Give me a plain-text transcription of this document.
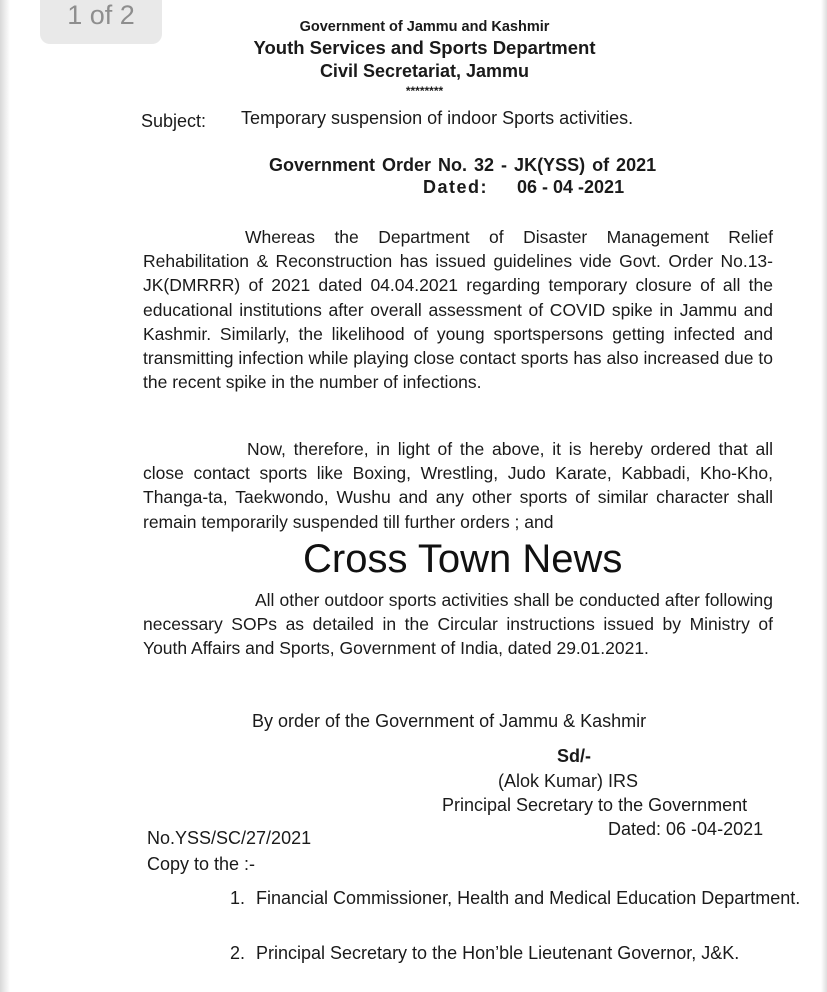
Government of Jammu and Kashmir
Youth Services and Sports Department
Civil Secretariat, Jammu
********
Subject: Temporary suspension of indoor Sports activities.
Government Order No. 32 - JK(YSS) of 2021
Dated: 06 - 04 -2021

Whereas the Department of Disaster Management Relief Rehabilitation & Reconstruction has issued guidelines vide Govt. Order No.13-JK(DMRRR) of 2021 dated 04.04.2021 regarding temporary closure of all the educational institutions after overall assessment of COVID spike in Jammu and Kashmir. Similarly, the likelihood of young sportspersons getting infected and transmitting infection while playing close contact sports has also increased due to the recent spike in the number of infections.

Now, therefore, in light of the above, it is hereby ordered that all close contact sports like Boxing, Wrestling, Judo Karate, Kabbadi, Kho-Kho, Thanga-ta, Taekwondo, Wushu and any other sports of similar character shall remain temporarily suspended till further orders ; and

All other outdoor sports activities shall be conducted after following necessary SOPs as detailed in the Circular instructions issued by Ministry of Youth Affairs and Sports, Government of India, dated 29.01.2021.

Cross Town News
By order of the Government of Jammu & Kashmir
Sd/-
(Alok Kumar) IRS
Principal Secretary to the Government
Dated: 06 -04-2021
No.YSS/SC/27/2021
Copy to the :-
1. Financial Commissioner, Health and Medical Education Department.
2. Principal Secretary to the Hon’ble Lieutenant Governor, J&K.
1 of 2
